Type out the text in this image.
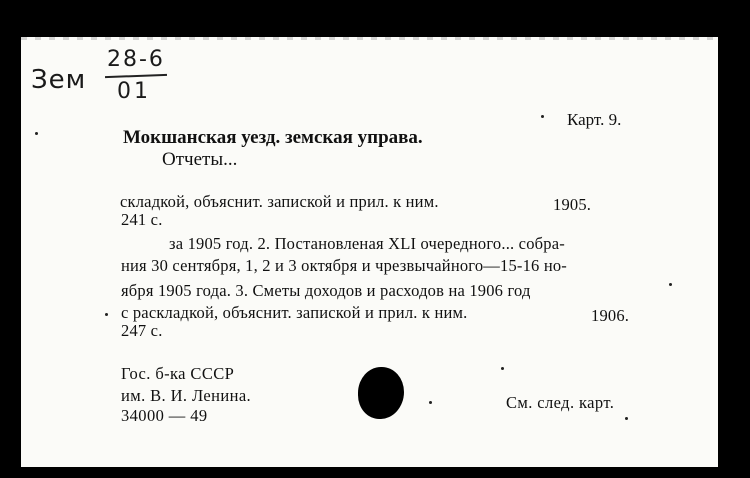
Зем
28-6
01
Карт. 9.
Мокшанская уезд. земская управа.
Отчеты...
складкой, объяснит. запиской и прил. к ним.	1905.
241 с.
за 1905 год. 2. Постановленая XLI очередного... собра-
ния 30 сентября, 1, 2 и 3 октября и чрезвычайного—15-16 но-
ября 1905 года. 3. Сметы доходов и расходов на 1906 год
с раскладкой, объяснит. запиской и прил. к ним.	1906.
247 с.
Гос. б-ка СССР
им. В. И. Ленина.
34000 — 49
См. след. карт.
